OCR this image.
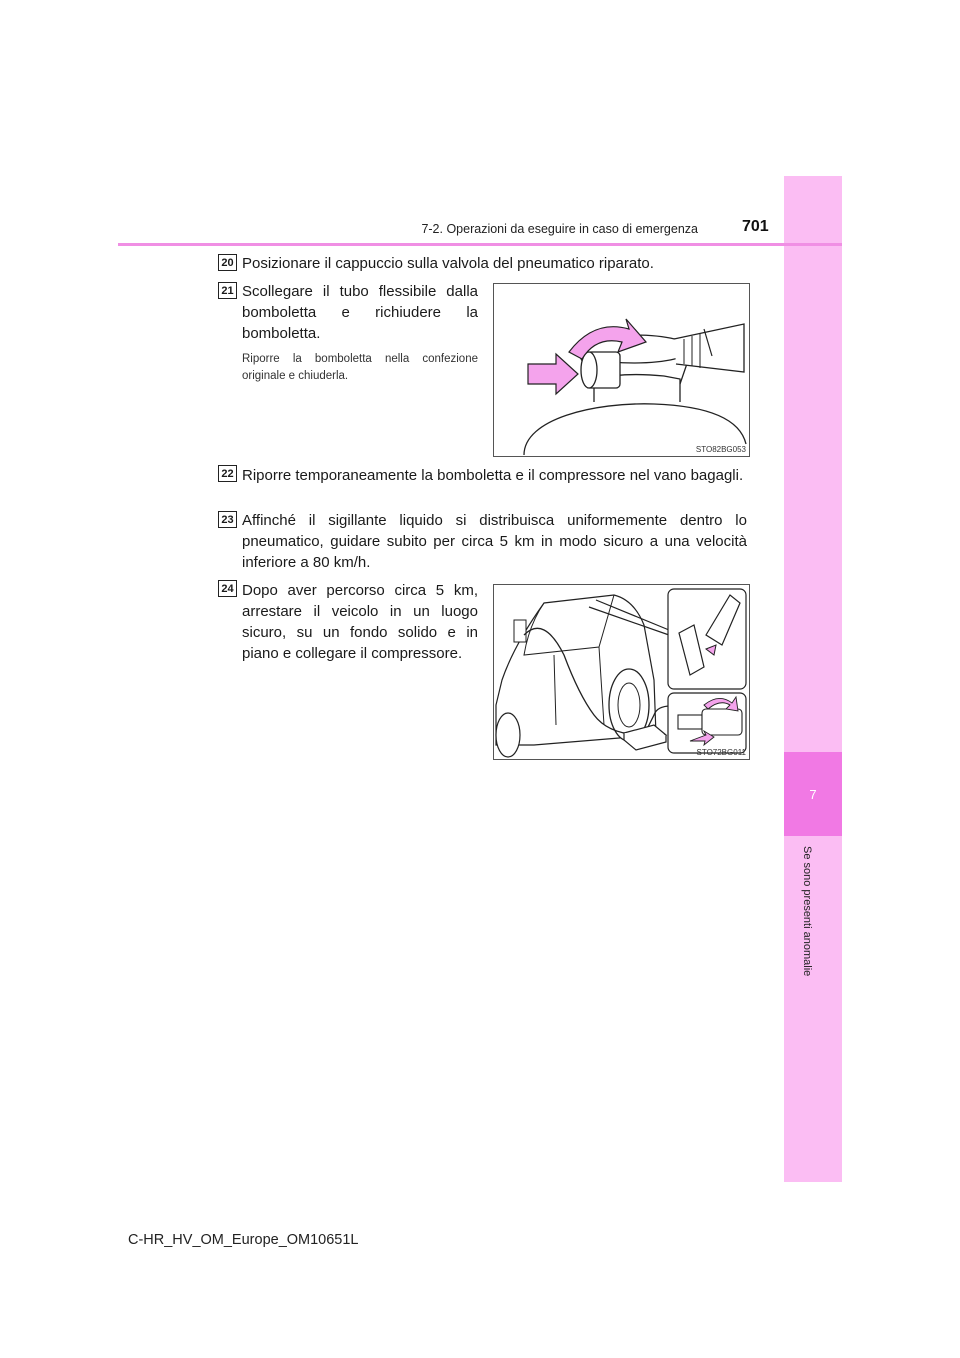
7
Se sono presenti anomalie
7-2. Operazioni da eseguire in caso di emergenza	701
20 Posizionare il cappuccio sulla valvola del pneumatico riparato.
21 Scollegare il tubo flessibile dalla bomboletta e richiudere la bomboletta.
Riporre la bomboletta nella confezione originale e chiuderla.
STO82BG053
22 Riporre temporaneamente la bomboletta e il compressore nel vano bagagli.
23 Affinché il sigillante liquido si distribuisca uniformemente dentro lo pneumatico, guidare subito per circa 5 km in modo sicuro a una velocità inferiore a 80 km/h.
24 Dopo aver percorso circa 5 km, arrestare il veicolo in un luogo sicuro, su un fondo solido e in piano e collegare il compressore.
STO72BG011
C-HR_HV_OM_Europe_OM10651L
